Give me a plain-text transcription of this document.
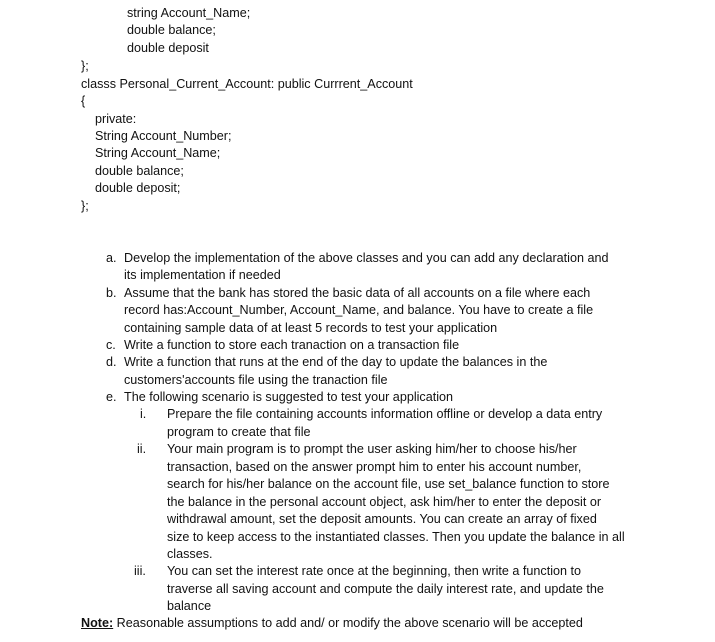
string Account_Name;
double balance;
double deposit
};
classs Personal_Current_Account: public Currrent_Account
{
private:
String Account_Number;
String Account_Name;
double balance;
double deposit;
};
a. Develop the implementation of the above classes and you can add any declaration and
its implementation if needed
b. Assume that the bank has stored the basic data of all accounts on a file where each
record has:Account_Number, Account_Name, and balance. You have to create a file
containing sample data of at least 5 records to test your application
c. Write a function to store each tranaction on a transaction file
d. Write a function that runs at the end of the day to update the balances in the
customers'accounts file using the tranaction file
e. The following scenario is suggested to test your application
i. Prepare the file containing accounts information offline or develop a data entry
program to create that file
ii. Your main program is to prompt the user asking him/her to choose his/her
transaction, based on the answer prompt him to enter his account number,
search for his/her balance on the account file, use set_balance function to store
the balance in the personal account object, ask him/her to enter the deposit or
withdrawal amount, set the deposit amounts. You can create an array of fixed
size to keep access to the instantiated classes. Then you update the balance in all
classes.
iii. You can set the interest rate once at the beginning, then write a function to
traverse all saving account and compute the daily interest rate, and update the
balance
Note: Reasonable assumptions to add and/ or modify the above scenario will be accepted
